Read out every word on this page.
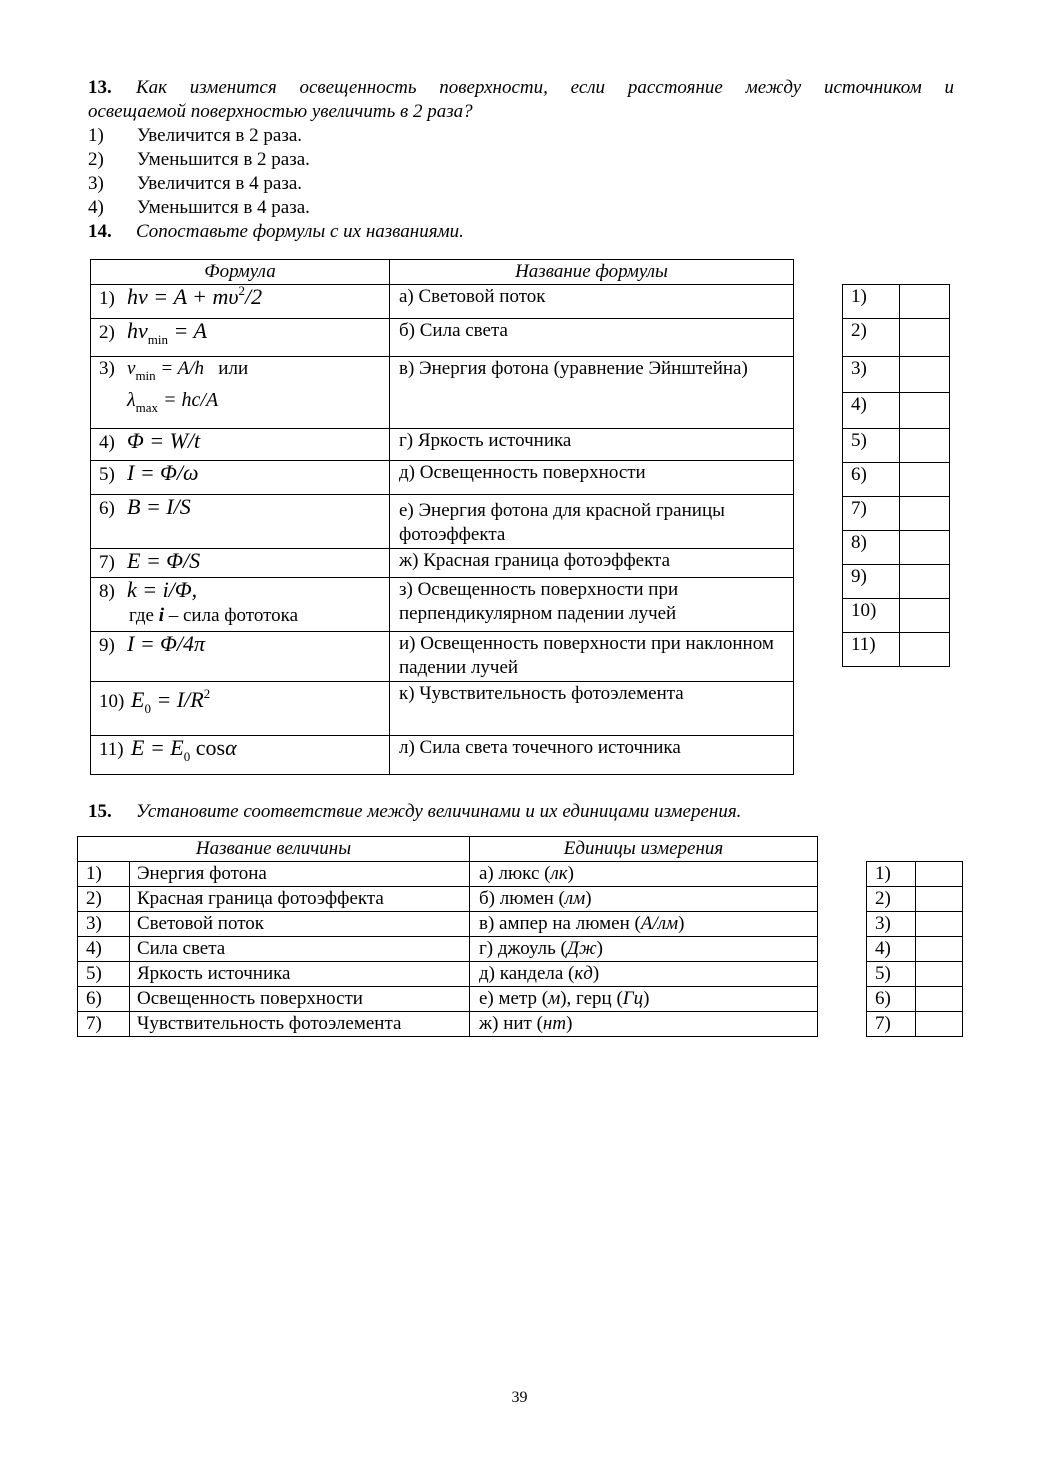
13. Как изменится освещенность поверхности, если расстояние между источником и
освещаемой поверхностью увеличить в 2 раза?
1) Увеличится в 2 раза.
2) Уменьшится в 2 раза.
3) Увеличится в 4 раза.
4) Уменьшится в 4 раза.
14. Сопоставьте формулы с их названиями.
Формула	Название формулы
1) $h\nu = A + m\upsilon^2/2$	а) Световой поток
2) $h\nu_{min} = A$	б) Сила света

3) $\nu_{min} = A/h$ или
$\lambda_{max} = hc/A$	в) Энергия фотона (уравнение Эйнштейна)
4) Φ = W/t	г) Яркость источника
5) I = Φ/ω	д) Освещенность поверхности
6) B = I/S	е) Энергия фотона для красной границы фотоэффекта
7) E = Φ/S	ж) Красная граница фотоэффекта

8) k = i/Φ,
где i – сила фототока	з) Освещенность поверхности при перпендикулярном падении лучей
9) I = Φ/4π	и) Освещенность поверхности при наклонном падении лучей
10) $E_0 = I/R^2$	к) Чувствительность фотоэлемента
11) $E = E_0$ cosα	л) Сила света точечного источника
1)	
2)	
3)	
4)	
5)	
6)	
7)	
8)	
9)	
10)	
11)	
15. Установите соответствие между величинами и их единицами измерения.
Название величины		Единицы измерения
1)	Энергия фотона	а) люкс (лк)
2)	Красная граница фотоэффекта	б) люмен (лм)
3)	Световой поток	в) ампер на люмен (А/лм)
4)	Сила света	г) джоуль (Дж)
5)	Яркость источника	д) кандела (кд)
6)	Освещенность поверхности	е) метр (м), герц (Гц)
7)	Чувствительность фотоэлемента	ж) нит (нт)
1)	
2)	
3)	
4)	
5)	
6)	
7)	
39
